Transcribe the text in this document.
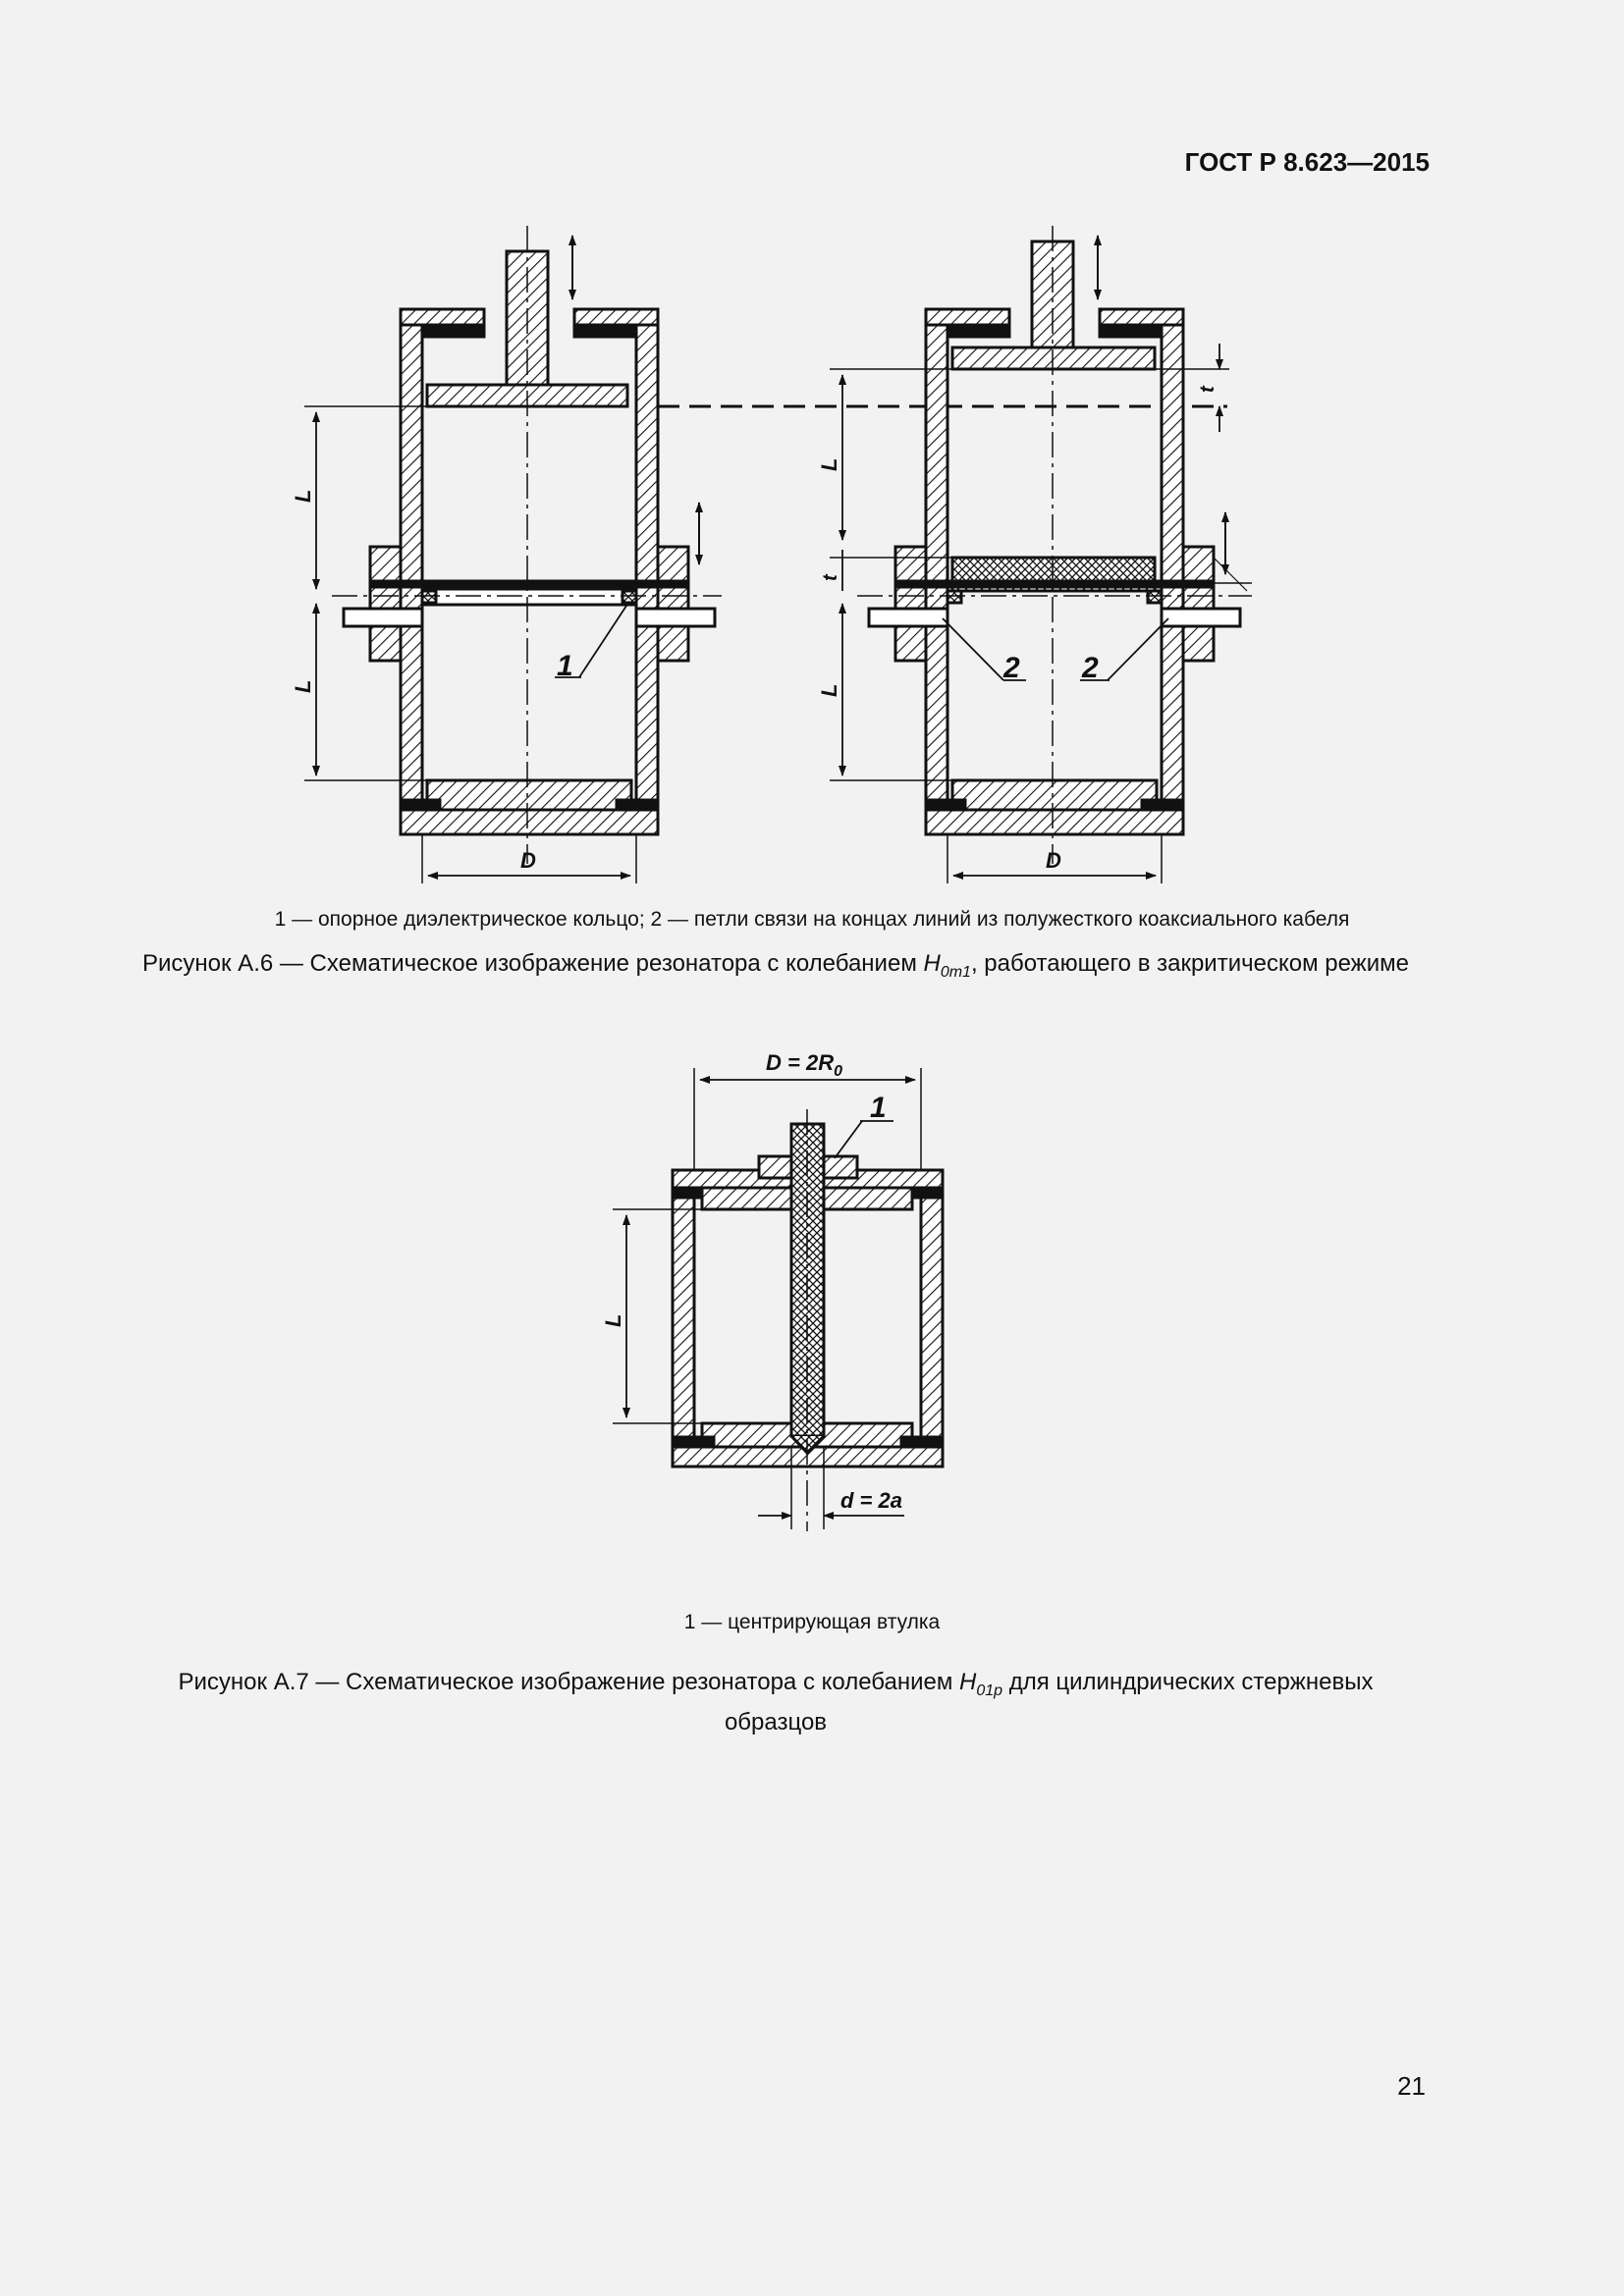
ГОСТ Р 8.623—2015
L
L
D
1
t
L
t
L
D
2 2
$D = 2R_0$
L
d = 2a
1
1 — опорное диэлектрическое кольцо; 2 — петли связи на концах линий из полужесткого коаксиального кабеля
Рисунок А.6 — Схематическое изображение резонатора с колебанием $H_{0m1}$, работающего в закритическом режиме
1 — центрирующая втулка
Рисунок А.7 — Схематическое изображение резонатора с колебанием $H_{01p}$ для цилиндрических стержневых образцов
21
